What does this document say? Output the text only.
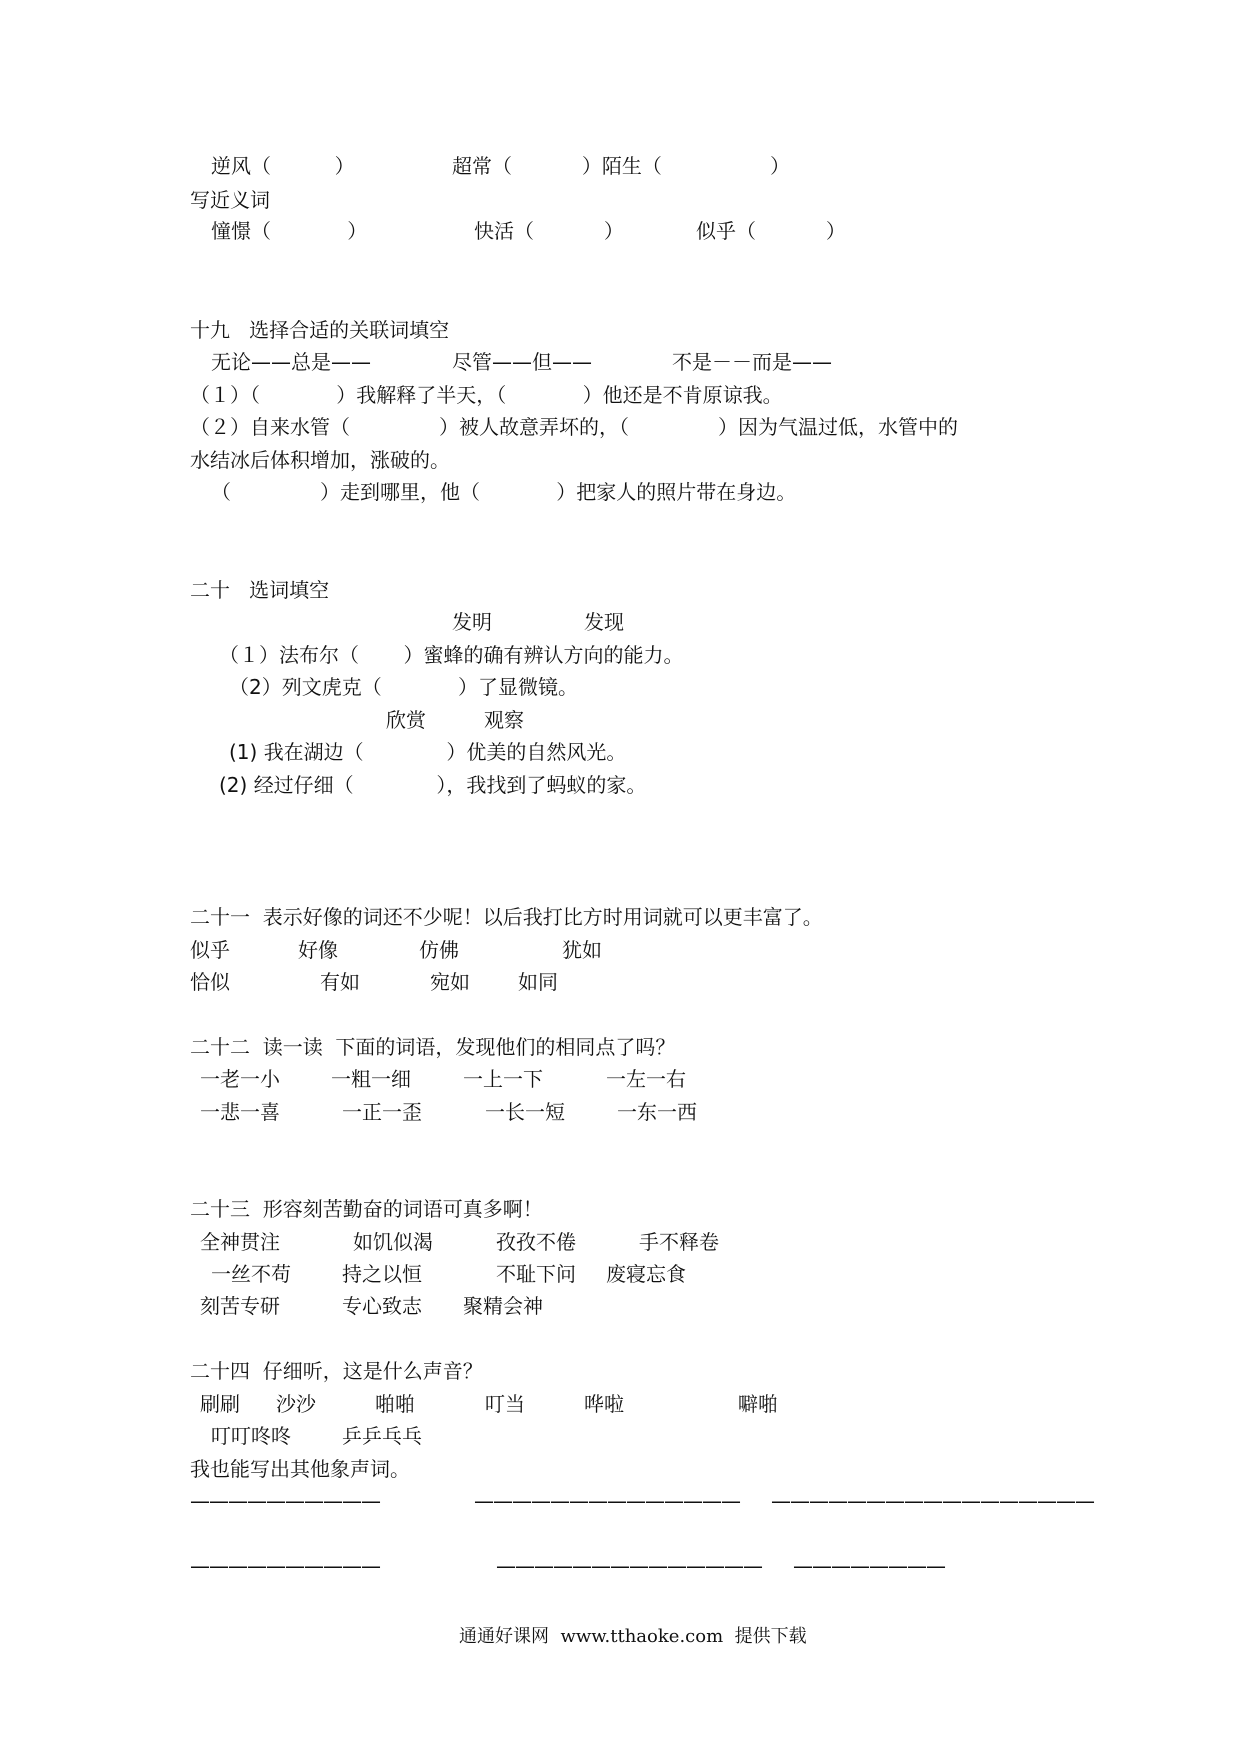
逆风（          ）	超常（           ）陌生（                 ）
写近义词
憧憬（            ）	快活（           ）	似乎（           ）
十九   选择合适的关联词填空
无论——总是——	尽管——但——	不是－－而是——
（１）（            ）我解释了半天，（            ）他还是不肯原谅我。
（２）自来水管（              ）被人故意弄坏的，（              ）因为气温过低，水管中的
水结冰后体积增加，涨破的。
（              ）走到哪里，他（            ）把家人的照片带在身边。
二十   选词填空
发明	发现
（１）法布尔（       ）蜜蜂的确有辨认方向的能力。
（2）列文虎克（            ）了显微镜。
欣赏	观察
(1) 我在湖边（             ）优美的自然风光。
(2) 经过仔细（             ），我找到了蚂蚁的家。
二十一  表示好像的词还不少呢！以后我打比方时用词就可以更丰富了。
似乎	好像	仿佛	犹如
恰似	有如	宛如 如同
二十二  读一读  下面的词语，发现他们的相同点了吗？
一老一小	一粗一细	一上一下	一左一右
一悲一喜	一正一歪	一长一短	一东一西
二十三  形容刻苦勤奋的词语可真多啊！
全神贯注	如饥似渴	孜孜不倦	手不释卷
一丝不苟	持之以恒	不耻下问 废寝忘食
刻苦专研	专心致志 聚精会神
二十四  仔细听，这是什么声音？
刷刷 沙沙	啪啪	叮当	哗啦	噼啪
叮叮咚咚	乒乒乓乓
我也能写出其他象声词。
——————————	—————————————— —————————————————
——————————	—————————————— ————————
通通好课网  www.tthaoke.com  提供下载
